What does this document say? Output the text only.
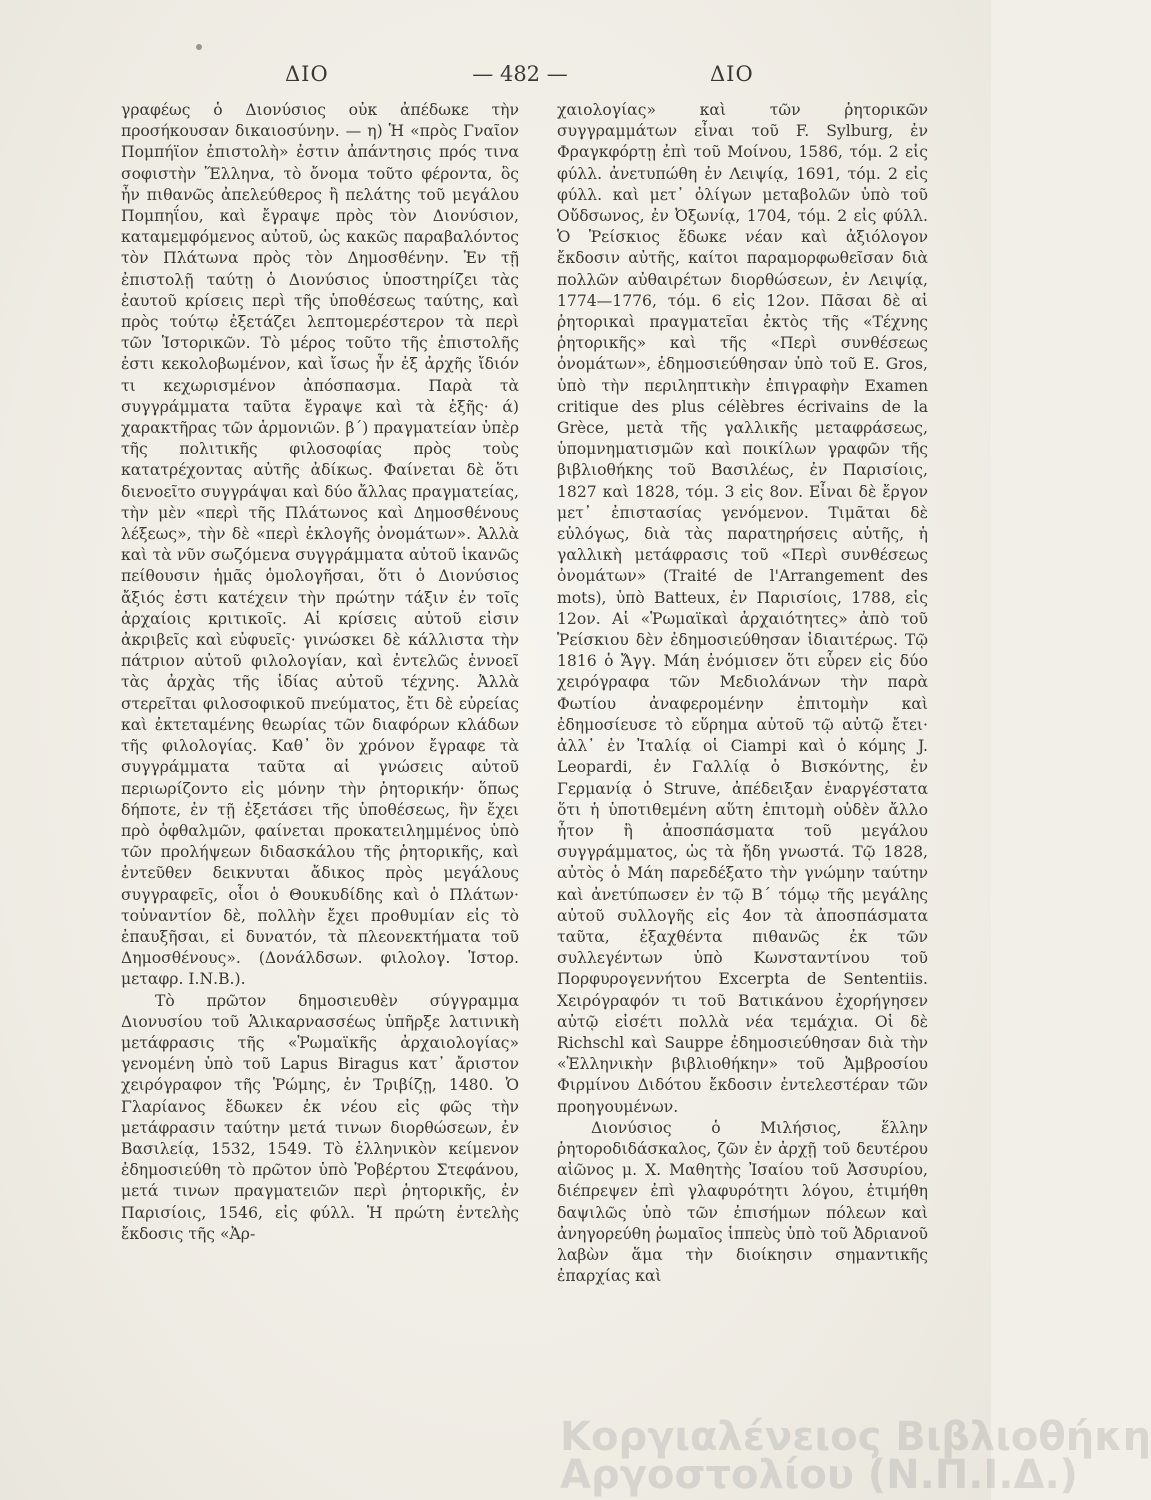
ΔΙΟ	— 482 —	ΔΙΟ

γραφέως ὁ Διονύσιος οὐκ ἀπέδωκε τὴν προσήκουσαν δικαιοσύνην. — η) Ἡ «πρὸς Γναῖον Πομπήϊον ἐπιστολὴ» ἐστιν ἀπάντησις πρός τινα σοφιστὴν Ἕλληνα, τὸ ὄνομα τοῦτο φέροντα, ὃς ἦν πιθανῶς ἀπελεύθερος ἢ πελάτης τοῦ μεγάλου Πομπηΐου, καὶ ἔγραψε πρὸς τὸν Διονύσιον, καταμεμφόμενος αὐτοῦ, ὡς κακῶς παραβαλόντος τὸν Πλάτωνα πρὸς τὸν Δημοσθένην. Ἐν τῇ ἐπιστολῇ ταύτῃ ὁ Διονύσιος ὑποστηρίζει τὰς ἑαυτοῦ κρίσεις περὶ τῆς ὑποθέσεως ταύτης, καὶ πρὸς τούτῳ ἐξετάζει λεπτομερέστερον τὰ περὶ τῶν Ἱστορικῶν. Τὸ μέρος τοῦτο τῆς ἐπιστολῆς ἐστι κεκολοβωμένον, καὶ ἴσως ἦν ἐξ ἀρχῆς ἴδιόν τι κεχωρισμένον ἀπόσπασμα. Παρὰ τὰ συγγράμματα ταῦτα ἔγραψε καὶ τὰ ἑξῆς· ά) χαρακτῆρας τῶν ἁρμονιῶν. β΄) πραγματείαν ὑπὲρ τῆς πολιτικῆς φιλοσοφίας πρὸς τοὺς κατατρέχοντας αὐτῆς ἀδίκως. Φαίνεται δὲ ὅτι διενοεῖτο συγγράψαι καὶ δύο ἄλλας πραγματείας, τὴν μὲν «περὶ τῆς Πλάτωνος καὶ Δημοσθένους λέξεως», τὴν δὲ «περὶ ἐκλογῆς ὀνομάτων». Ἀλλὰ καὶ τὰ νῦν σωζόμενα συγγράμματα αὐτοῦ ἱκανῶς πείθουσιν ἡμᾶς ὁμολογῆσαι, ὅτι ὁ Διονύσιος ἄξιός ἐστι κατέχειν τὴν πρώτην τάξιν ἐν τοῖς ἀρχαίοις κριτικοῖς. Αἱ κρίσεις αὐτοῦ εἰσιν ἀκριβεῖς καὶ εὐφυεῖς· γινώσκει δὲ κάλλιστα τὴν πάτριον αὐτοῦ φιλολογίαν, καὶ ἐντελῶς ἐννοεῖ τὰς ἀρχὰς τῆς ἰδίας αὐτοῦ τέχνης. Ἀλλὰ στερεῖται φιλοσοφικοῦ πνεύματος, ἔτι δὲ εὐρείας καὶ ἐκτεταμένης θεωρίας τῶν διαφόρων κλάδων τῆς φιλολογίας. Καθ᾿ ὃν χρόνον ἔγραφε τὰ συγγράμματα ταῦτα αἱ γνώσεις αὐτοῦ περιωρίζοντο εἰς μόνην τὴν ῥητορικήν· ὅπως δήποτε, ἐν τῇ ἐξετάσει τῆς ὑποθέσεως, ἣν ἔχει πρὸ ὀφθαλμῶν, φαίνεται προκατειλημμένος ὑπὸ τῶν προλήψεων διδασκάλου τῆς ῥητορικῆς, καὶ ἐντεῦθεν δεικνυται ἄδικος πρὸς μεγάλους συγγραφεῖς, οἷοι ὁ Θουκυδίδης καὶ ὁ Πλάτων· τοὐναντίον δὲ, πολλὴν ἔχει προθυμίαν εἰς τὸ ἐπαυξῆσαι, εἰ δυνατόν, τὰ πλεονεκτήματα τοῦ Δημοσθένους». (Δονάλδσων. φιλολογ. Ἱστορ. μεταφρ. Ι.Ν.Β.).

Τὸ πρῶτον δημοσιευθὲν σύγγραμμα Διονυσίου τοῦ Ἁλικαρνασσέως ὑπῆρξε λατινικὴ μετάφρασις τῆς «Ῥωμαϊκῆς ἀρχαιολογίας» γενομένη ὑπὸ τοῦ Lapus Biragus κατ᾿ ἄριστον χειρόγραφον τῆς Ῥώμης, ἐν Τριβίζῃ, 1480. Ὁ Γλαρίανος ἔδωκεν ἐκ νέου εἰς φῶς τὴν μετάφρασιν ταύτην μετά τινων διορθώσεων, ἐν Βασιλείᾳ, 1532, 1549. Τὸ ἑλληνικὸν κείμενον ἐδημοσιεύθη τὸ πρῶτον ὑπὸ Ῥοβέρτου Στεφάνου, μετά τινων πραγματειῶν περὶ ῥητορικῆς, ἐν Παρισίοις, 1546, εἰς φύλλ. Ἡ πρώτη ἐντελὴς ἔκδοσις τῆς «Ἀρ-

χαιολογίας» καὶ τῶν ῥητορικῶν συγγραμμάτων εἶναι τοῦ F. Sylburg, ἐν Φραγκφόρτῃ ἐπὶ τοῦ Μοίνου, 1586, τόμ. 2 εἰς φύλλ. ἀνετυπώθη ἐν Λειψίᾳ, 1691, τόμ. 2 εἰς φύλλ. καὶ μετ᾿ ὀλίγων μεταβολῶν ὑπὸ τοῦ Οὔδσωνος, ἐν Ὀξωνίᾳ, 1704, τόμ. 2 εἰς φύλλ. Ὁ Ῥείσκιος ἔδωκε νέαν καὶ ἀξιόλογον ἔκδοσιν αὐτῆς, καίτοι παραμορφωθεῖσαν διὰ πολλῶν αὐθαιρέτων διορθώσεων, ἐν Λειψίᾳ, 1774—1776, τόμ. 6 εἰς 12ον. Πᾶσαι δὲ αἱ ῥητορικαὶ πραγματεῖαι ἐκτὸς τῆς «Τέχνης ῥητορικῆς» καὶ τῆς «Περὶ συνθέσεως ὀνομάτων», ἐδημοσιεύθησαν ὑπὸ τοῦ E. Gros, ὑπὸ τὴν περιληπτικὴν ἐπιγραφὴν Examen critique des plus célèbres écrivains de la Grèce, μετὰ τῆς γαλλικῆς μεταφράσεως, ὑπομνηματισμῶν καὶ ποικίλων γραφῶν τῆς βιβλιοθήκης τοῦ Βασιλέως, ἐν Παρισίοις, 1827 καὶ 1828, τόμ. 3 εἰς 8ον. Εἶναι δὲ ἔργον μετ᾿ ἐπιστασίας γενόμενον. Τιμᾶται δὲ εὐλόγως, διὰ τὰς παρατηρήσεις αὐτῆς, ἡ γαλλικὴ μετάφρασις τοῦ «Περὶ συνθέσεως ὀνομάτων» (Traité de l'Arrangement des mots), ὑπὸ Batteux, ἐν Παρισίοις, 1788, εἰς 12ον. Αἱ «Ῥωμαϊκαὶ ἀρχαιότητες» ἀπὸ τοῦ Ῥείσκιου δὲν ἐδημοσιεύθησαν ἰδιαιτέρως. Τῷ 1816 ὁ Ἄγγ. Μάη ἐνόμισεν ὅτι εὗρεν εἰς δύο χειρόγραφα τῶν Μεδιολάνων τὴν παρὰ Φωτίου ἀναφερομένην ἐπιτομὴν καὶ ἐδημοσίευσε τὸ εὕρημα αὐτοῦ τῷ αὐτῷ ἔτει· ἀλλ᾿ ἐν Ἰταλίᾳ οἱ Ciampi καὶ ὁ κόμης J. Leopardi, ἐν Γαλλίᾳ ὁ Βισκόντης, ἐν Γερμανίᾳ ὁ Struve, ἀπέδειξαν ἐναργέστατα ὅτι ἡ ὑποτιθεμένη αὕτη ἐπιτομὴ οὐδὲν ἄλλο ἦτον ἢ ἀποσπάσματα τοῦ μεγάλου συγγράμματος, ὡς τὰ ἤδη γνωστά. Τῷ 1828, αὐτὸς ὁ Μάη παρεδέξατο τὴν γνώμην ταύτην καὶ ἀνετύπωσεν ἐν τῷ Β΄ τόμῳ τῆς μεγάλης αὐτοῦ συλλογῆς εἰς 4ον τὰ ἀποσπάσματα ταῦτα, ἐξαχθέντα πιθανῶς ἐκ τῶν συλλεγέντων ὑπὸ Κωνσταντίνου τοῦ Πορφυρογεννήτου Excerpta de Sententiis. Χειρόγραφόν τι τοῦ Βατικάνου ἐχορήγησεν αὐτῷ εἰσέτι πολλὰ νέα τεμάχια. Οἱ δὲ Richschl καὶ Sauppe ἐδημοσιεύθησαν διὰ τὴν «Ἑλληνικὴν βιβλιοθήκην» τοῦ Ἀμβροσίου Φιρμίνου Διδότου ἔκδοσιν ἐντελεστέραν τῶν προηγουμένων.

Διονύσιος ὁ Μιλήσιος, ἕλλην ῥητοροδιδάσκαλος, ζῶν ἐν ἀρχῇ τοῦ δευτέρου αἰῶνος μ. Χ. Μαθητὴς Ἰσαίου τοῦ Ἀσσυρίου, διέπρεψεν ἐπὶ γλαφυρότητι λόγου, ἐτιμήθη δαψιλῶς ὑπὸ τῶν ἐπισήμων πόλεων καὶ ἀνηγορεύθη ῥωμαῖος ἱππεὺς ὑπὸ τοῦ Ἀδριανοῦ λαβὼν ἅμα τὴν διοίκησιν σημαντικῆς ἐπαρχίας καὶ

Κοργιαλένειος Βιβλιοθήκη
Αργοστολίου (Ν.Π.Ι.Δ.)
